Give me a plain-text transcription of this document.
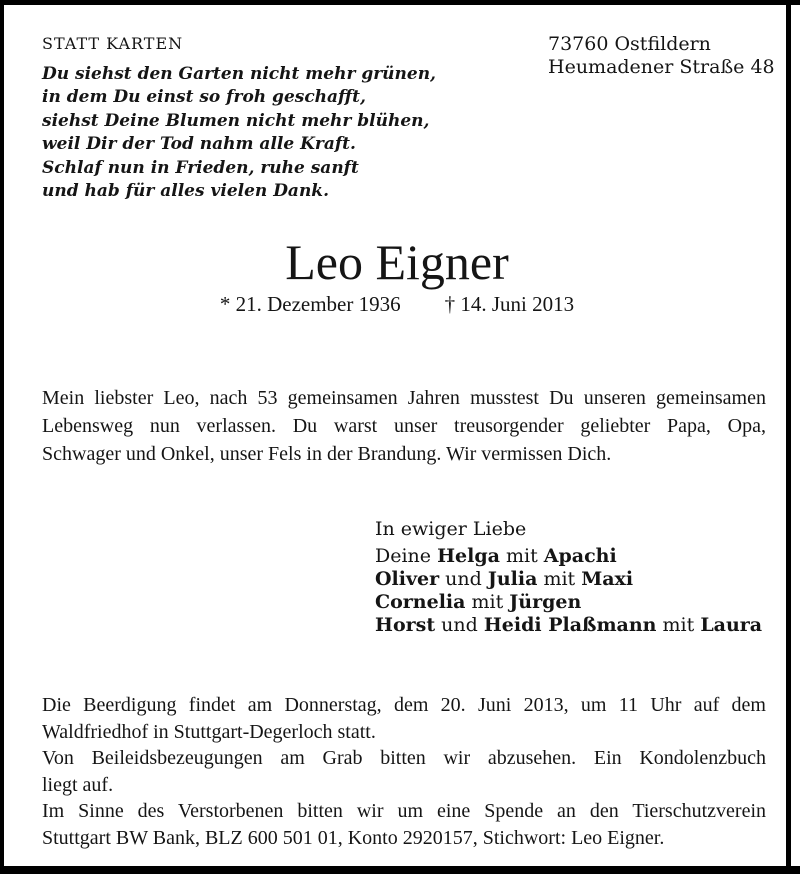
STATT KARTEN	73760 Ostfildern
Heumadener Straße 48
Du siehst den Garten nicht mehr grünen,
in dem Du einst so froh geschafft,
siehst Deine Blumen nicht mehr blühen,
weil Dir der Tod nahm alle Kraft.
Schlaf nun in Frieden, ruhe sanft
und hab für alles vielen Dank.
Leo Eigner
* 21. Dezember 1936 † 14. Juni 2013
Mein liebster Leo, nach 53 gemeinsamen Jahren musstest Du unseren gemeinsamen
Lebensweg nun verlassen. Du warst unser treusorgender geliebter Papa, Opa,
Schwager und Onkel, unser Fels in der Brandung. Wir vermissen Dich.
In ewiger Liebe
Deine Helga mit Apachi
Oliver und Julia mit Maxi
Cornelia mit Jürgen
Horst und Heidi Plaßmann mit Laura
Die Beerdigung findet am Donnerstag, dem 20. Juni 2013, um 11 Uhr auf dem
Waldfriedhof in Stuttgart-Degerloch statt.
Von Beileidsbezeugungen am Grab bitten wir abzusehen. Ein Kondolenzbuch
liegt auf.
Im Sinne des Verstorbenen bitten wir um eine Spende an den Tierschutzverein
Stuttgart BW Bank, BLZ 600 501 01, Konto 2920157, Stichwort: Leo Eigner.
